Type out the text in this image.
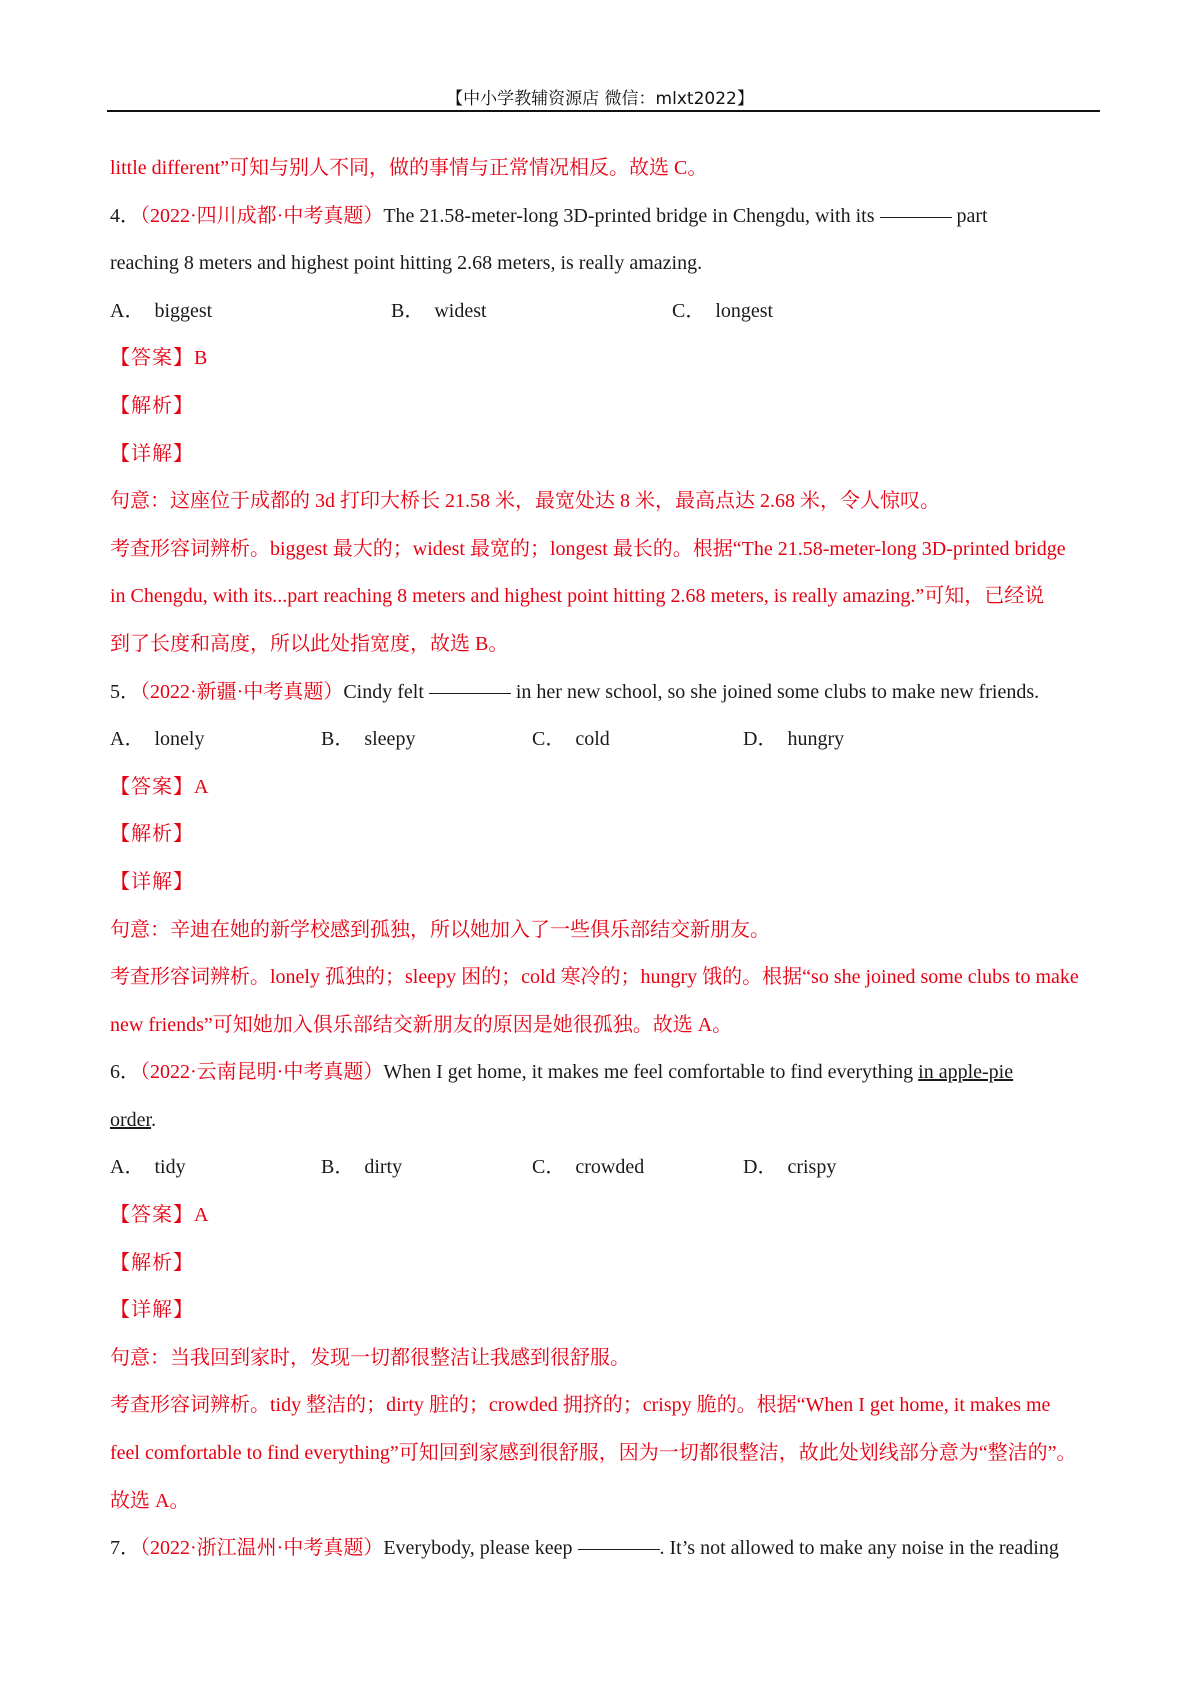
【中小学教辅资源店 微信：mlxt2022】
little different”可知与别人不同，做的事情与正常情况相反。故选 C。
4．（2022·四川成都·中考真题）The 21.58-meter-long 3D-printed bridge in Chengdu, with its	part
reaching 8 meters and highest point hitting 2.68 meters, is really amazing.
A． biggest	B． widest	C． longest
【答案】B
【解析】
【详解】
句意：这座位于成都的 3d 打印大桥长 21.58 米，最宽处达 8 米，最高点达 2.68 米，令人惊叹。
考查形容词辨析。biggest 最大的；widest 最宽的；longest 最长的。根据“The 21.58-meter-long 3D-printed bridge
in Chengdu, with its...part reaching 8 meters and highest point hitting 2.68 meters, is really amazing.”可知，已经说
到了长度和高度，所以此处指宽度，故选 B。
5．（2022·新疆·中考真题）Cindy felt	in her new school, so she joined some clubs to make new friends.
A． lonely	B． sleepy	C． cold	D． hungry
【答案】A
【解析】
【详解】
句意：辛迪在她的新学校感到孤独，所以她加入了一些俱乐部结交新朋友。
考查形容词辨析。lonely 孤独的；sleepy 困的；cold 寒冷的；hungry 饿的。根据“so she joined some clubs to make
new friends”可知她加入俱乐部结交新朋友的原因是她很孤独。故选 A。
6．（2022·云南昆明·中考真题）When I get home, it makes me feel comfortable to find everything in apple-pie
order.
A． tidy	B． dirty	C． crowded	D． crispy
【答案】A
【解析】
【详解】
句意：当我回到家时，发现一切都很整洁让我感到很舒服。
考查形容词辨析。tidy 整洁的；dirty 脏的；crowded 拥挤的；crispy 脆的。根据“When I get home, it makes me
feel comfortable to find everything”可知回到家感到很舒服，因为一切都很整洁，故此处划线部分意为“整洁的”。
故选 A。
7．（2022·浙江温州·中考真题）Everybody, please keep	. It’s not allowed to make any noise in the reading
